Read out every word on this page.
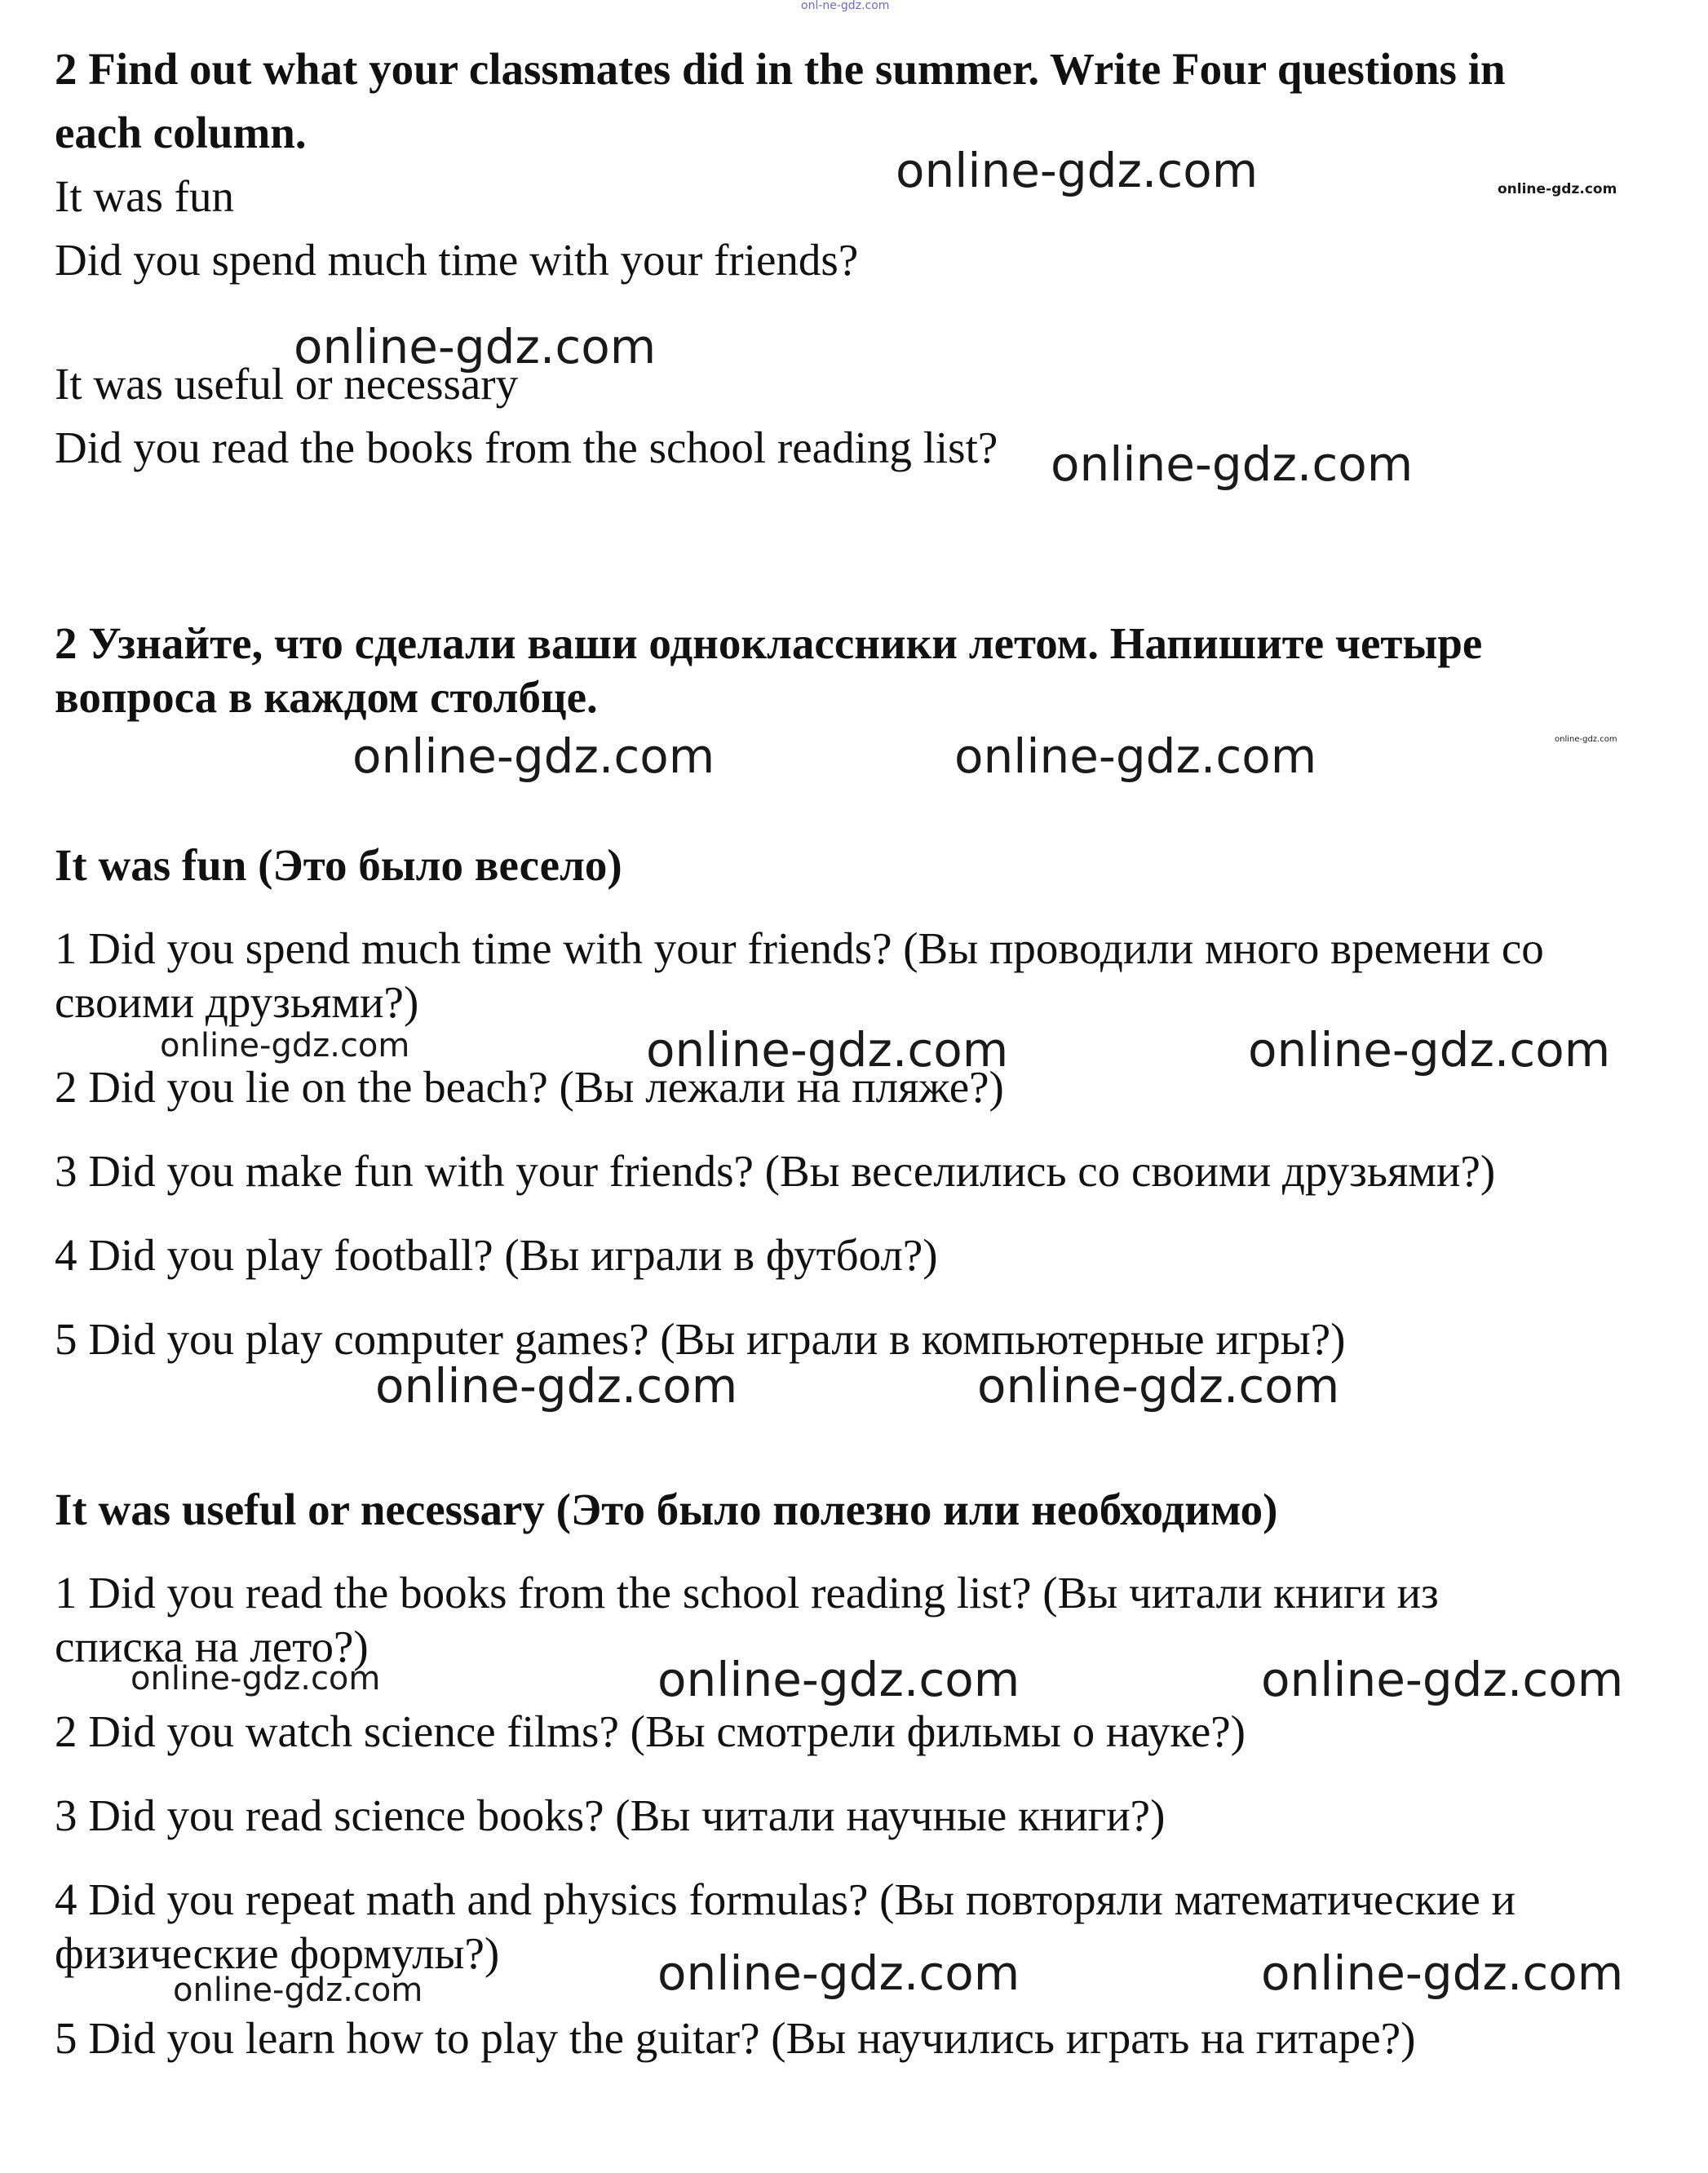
onl-ne-gdz.com
2 Find out what your classmates did in the summer. Write Four questions in
each column.
It was fun
Did you spend much time with your friends?
It was useful or necessary
Did you read the books from the school reading list?
2 Узнайте, что сделали ваши одноклассники летом. Напишите четыре
вопроса в каждом столбце.
It was fun (Это было весело)
1 Did you spend much time with your friends? (Вы проводили много времени со
своими друзьями?)
2 Did you lie on the beach? (Вы лежали на пляже?)
3 Did you make fun with your friends? (Вы веселились со своими друзьями?)
4 Did you play football? (Вы играли в футбол?)
5 Did you play computer games? (Вы играли в компьютерные игры?)
It was useful or necessary (Это было полезно или необходимо)
1 Did you read the books from the school reading list? (Вы читали книги из
списка на лето?)
2 Did you watch science films? (Вы смотрели фильмы о науке?)
3 Did you read science books? (Вы читали научные книги?)
4 Did you repeat math and physics formulas? (Вы повторяли математические и
физические формулы?)
5 Did you learn how to play the guitar? (Вы научились играть на гитаре?)
online-gdz.com	online-gdz.com
online-gdz.com
online-gdz.com
online-gdz.com
online-gdz.com	online-gdz.com
online-gdz.com	online-gdz.com	online-gdz.com
online-gdz.com	online-gdz.com
online-gdz.com	online-gdz.com	online-gdz.com
online-gdz.com	online-gdz.com
online-gdz.com
